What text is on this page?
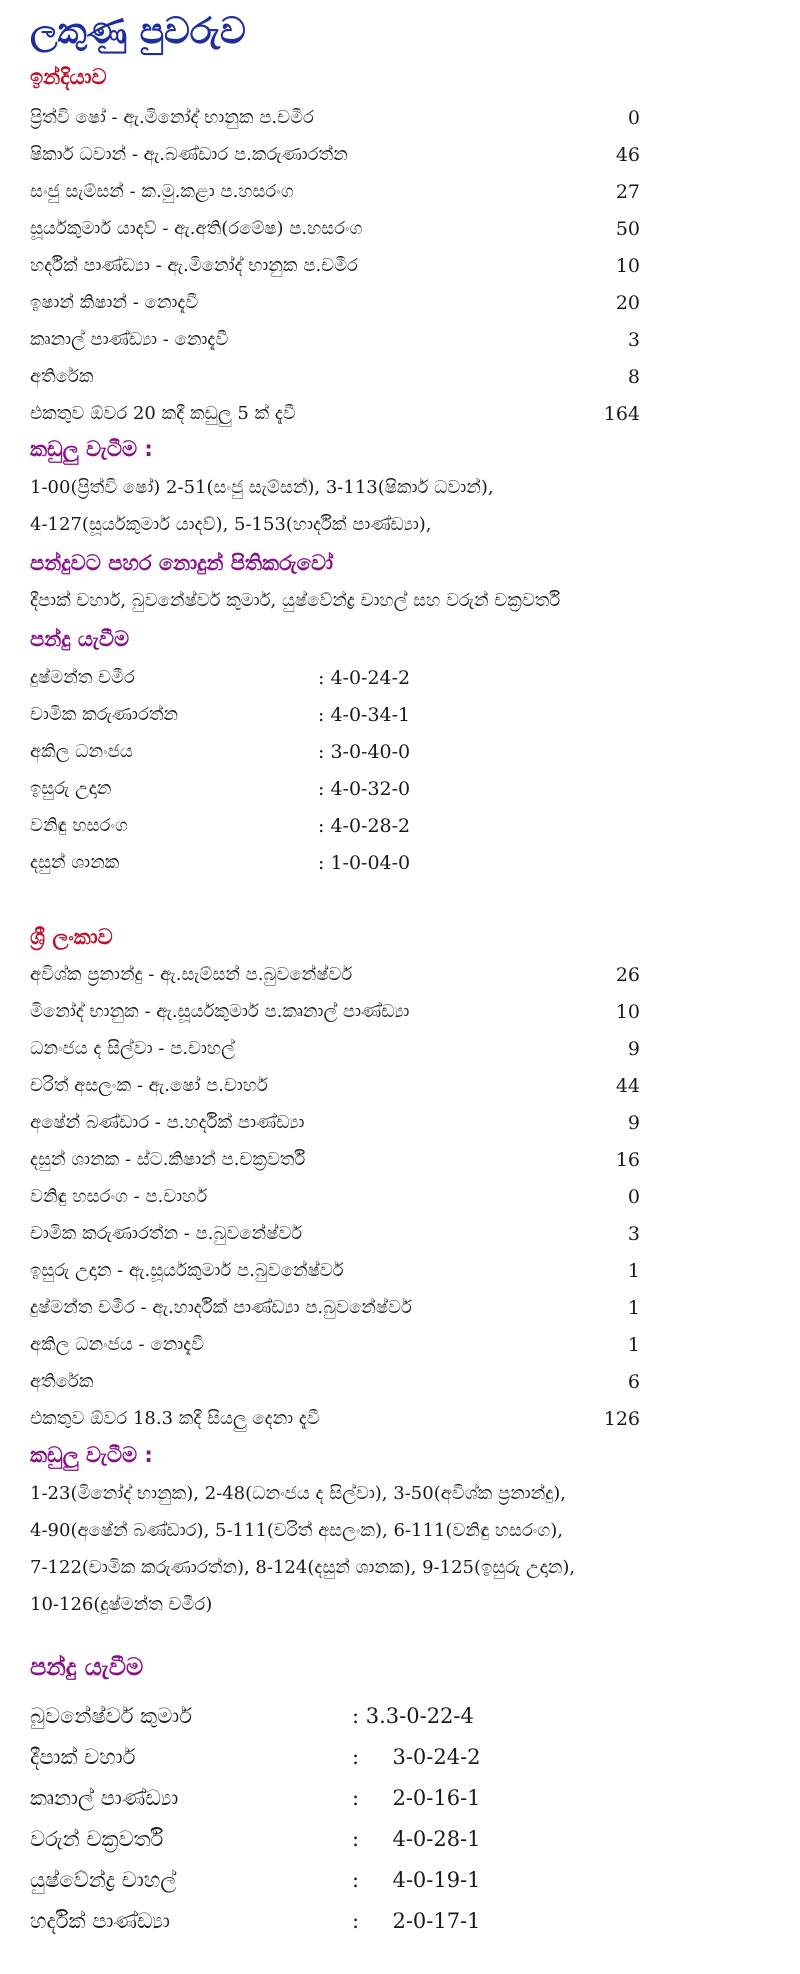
ලකුණු පුවරුව
ඉන්දියාව
ප්‍රිත්වි ෂෝ - ඇ.මිනෝද් භානුක ප.චමීර	0
ෂිකාර් ධවාන් - ඇ.බණ්ඩාර ප.කරුණාරත්න	46
සංජු සැම්සන් - ක.මු.කළා ප.හසරංග	27
සූර්යකුමාර් යාදව් - ඇ.අති(රමේෂ) ප.හසරංග	50
හර්දික් පාණ්ඩ්‍යා - ඇ.මිනෝද් භානුක ප.චමීර	10
ඉෂාන් කිෂාන් - නොදැවී	20
කෘනාල් පාණ්ඩ්‍යා - නොදැවී	3
අතිරේක	8
එකතුව ඕවර 20 කදී කඩුලු 5 ක් දැවී	164
කඩුලු වැටීම :
1-00(ප්‍රිත්වි ෂෝ) 2-51(සංජු සැම්සන්), 3-113(ෂිකාර් ධවාන්),
4-127(සූර්යකුමාර් යාදව්), 5-153(හාර්දික් පාණ්ඩ්‍යා),
පන්දුවට පහර නොදුන් පිතිකරුවෝ
දීපාක් චහාර්, බුවනේෂ්වර් කුමාර්, යුෂ්වේන්ද්‍ර චාහල් සහ වරුන් චක්‍රවර්ති
පන්දු යැවීම
දුෂ්මන්ත චමීර	: 4-0-24-2
චාමික කරුණාරත්න	: 4-0-34-1
අකිල ධනංජය	: 3-0-40-0
ඉසුරු උදාන	: 4-0-32-0
වනිඳු හසරංග	: 4-0-28-2
දසුන් ශානක	: 1-0-04-0
ශ්‍රී ලංකාව
අවිශ්ක ප්‍රනාන්දු - ඇ.සැම්සන් ප.බුවනේෂ්වර්	26
මිනෝද් භානුක - ඇ.සූර්යකුමාර් ප.කෘනාල් පාණ්ඩ්‍යා	10
ධනංජය ද සිල්වා - ප.චාහල්	9
චරිත් අසලංක - ඇ.ෂෝ ප.චාහර්	44
අෂේන් බණ්ඩාර - ප.හර්දික් පාණ්ඩ්‍යා	9
දසුන් ශානක - ස්ට.කිෂාන් ප.චක්‍රවර්ති	16
වනිඳු හසරංග - ප.චාහර්	0
චාමික කරුණාරත්න - ප.බුවනේෂ්වර්	3
ඉසුරු උදාන - ඇ.සූර්යකුමාර් ප.බුවනේෂ්වර්	1
දුෂ්මන්ත චමීර - ඇ.හාර්දික් පාණ්ඩ්‍යා ප.බුවනේෂ්වර්	1
අකිල ධනංජය - නොදැවී	1
අතිරේක	6
එකතුව ඕවර 18.3 කදී සියලු දෙනා දැවී	126
කඩුලු වැටීම :
1-23(මිනෝද් භානුක), 2-48(ධනංජය ද සිල්වා), 3-50(අවිශ්ක ප්‍රනාන්දු),
4-90(අෂේන් බණ්ඩාර), 5-111(චරිත් අසලංක), 6-111(වනිඳු හසරංග),
7-122(චාමික කරුණාරත්න), 8-124(දසුන් ශානක), 9-125(ඉසුරු උදාන),
10-126(දුෂ්මන්ත චමීර)
පන්දු යැවීම
බුවනේෂ්වර් කුමාර්	: 3.3-0-22-4
දීපාක් චහාර්	:     3-0-24-2
කෘනාල් පාණ්ඩ්‍යා	:     2-0-16-1
වරුන් චක්‍රවර්ති	:     4-0-28-1
යුෂ්වේන්ද්‍ර චාහල්	:     4-0-19-1
හර්දික් පාණ්ඩ්‍යා	:     2-0-17-1
